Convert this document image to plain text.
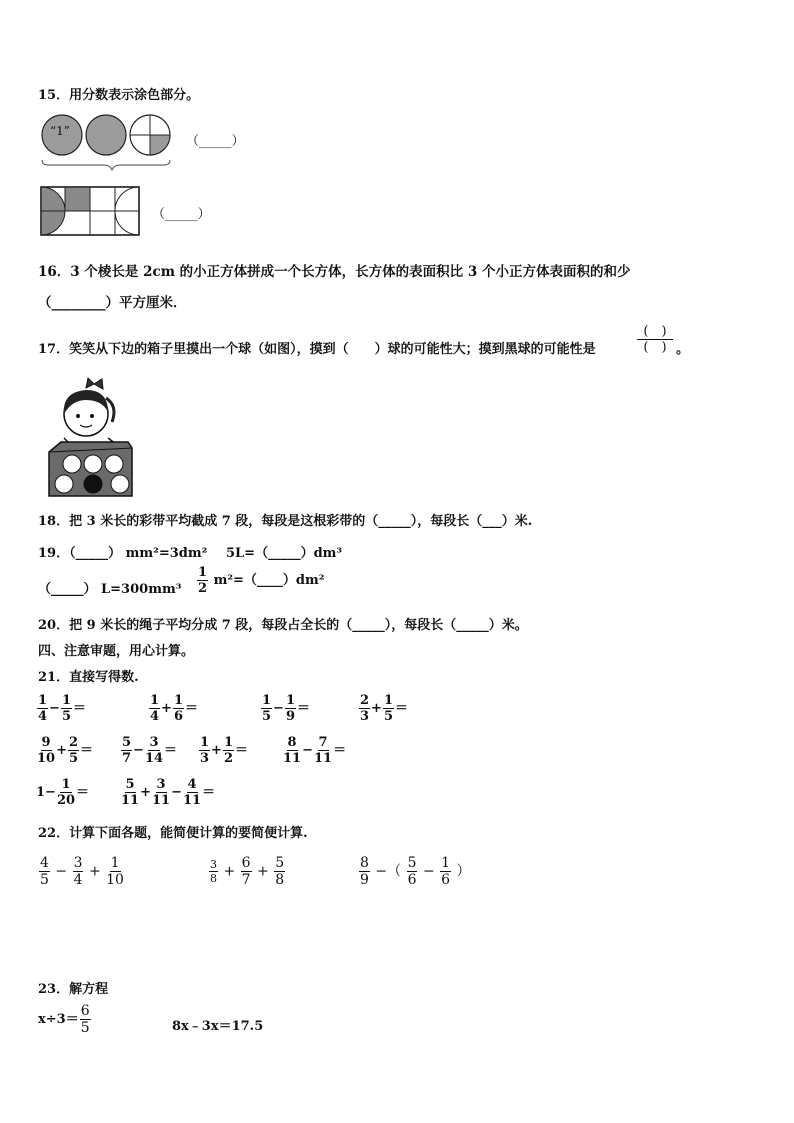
15．用分数表示涂色部分。
“1”
（_____）
（_____）
16．3 个棱长是 2cm 的小正方体拼成一个长方体，长方体的表面积比 3 个小正方体表面积的和少
（________）平方厘米．
17．笑笑从下边的箱子里摸出一个球（如图），摸到（　　）球的可能性大；摸到黑球的可能性是	$\frac{( )}{( )}$ 。
18．把 3 米长的彩带平均截成 7 段，每段是这根彩带的（_____），每段长（___）米.
19．（_____） mm²=3dm² 5L=（_____）dm³
（_____） $L=300mm^3 \frac{1}{2}$ m²=（____）dm²
20．把 9 米长的绳子平均分成 7 段，每段占全长的（_____），每段长（_____）米。
四、注意审题，用心计算。
21．直接写得数.
$\frac{1}{4} - \frac{1}{5}$ ＝	$\frac{1}{4} + \frac{1}{6}$ ＝	$\frac{1}{5} - \frac{1}{9}$ ＝	$\frac{2}{3} + \frac{1}{5}$ ＝
$\frac{9}{10} + \frac{2}{5} = \frac{5}{7} - \frac{3}{14} = \frac{1}{3} + \frac{1}{2}$ ＝	$\frac{8}{11} - \frac{7}{11}$ ＝
$1- \frac{1}{20} = \frac{5}{11} + \frac{3}{11} - \frac{4}{11}$ ＝
22．计算下面各题，能简便计算的要简便计算.
$\frac{4}{5} - \frac{3}{4} + \frac{1}{10}$	$\frac{3}{8} + \frac{6}{7} + \frac{5}{8}$	$\frac{8}{9}$ −（ $\frac{5}{6} - \frac{1}{6}$ ）
23．解方程
$x\div 3= \frac{6}{5}$	8x﹣3x＝17.5
